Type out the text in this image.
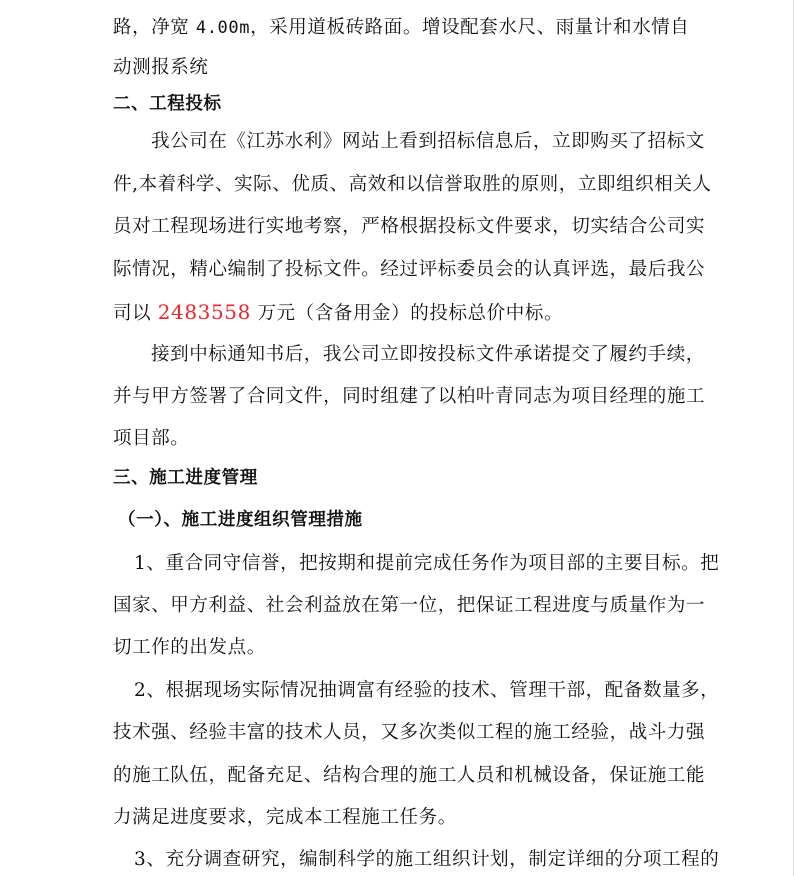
路，净宽 4.00m，采用道板砖路面。增设配套水尺、雨量计和水情自
动测报系统
二、工程投标
我公司在《江苏水利》网站上看到招标信息后，立即购买了招标文
件,本着科学、实际、优质、高效和以信誉取胜的原则，立即组织相关人
员对工程现场进行实地考察，严格根据投标文件要求，切实结合公司实
际情况，精心编制了投标文件。经过评标委员会的认真评选，最后我公
司以 2483558 万元（含备用金）的投标总价中标。
接到中标通知书后，我公司立即按投标文件承诺提交了履约手续，
并与甲方签署了合同文件，同时组建了以柏叶青同志为项目经理的施工
项目部。
三、施工进度管理
（一）、施工进度组织管理措施
1、重合同守信誉，把按期和提前完成任务作为项目部的主要目标。把
国家、甲方利益、社会利益放在第一位，把保证工程进度与质量作为一
切工作的出发点。
2、根据现场实际情况抽调富有经验的技术、管理干部，配备数量多，
技术强、经验丰富的技术人员，又多次类似工程的施工经验，战斗力强
的施工队伍，配备充足、结构合理的施工人员和机械设备，保证施工能
力满足进度要求，完成本工程施工任务。
3、充分调查研究，编制科学的施工组织计划，制定详细的分项工程的
